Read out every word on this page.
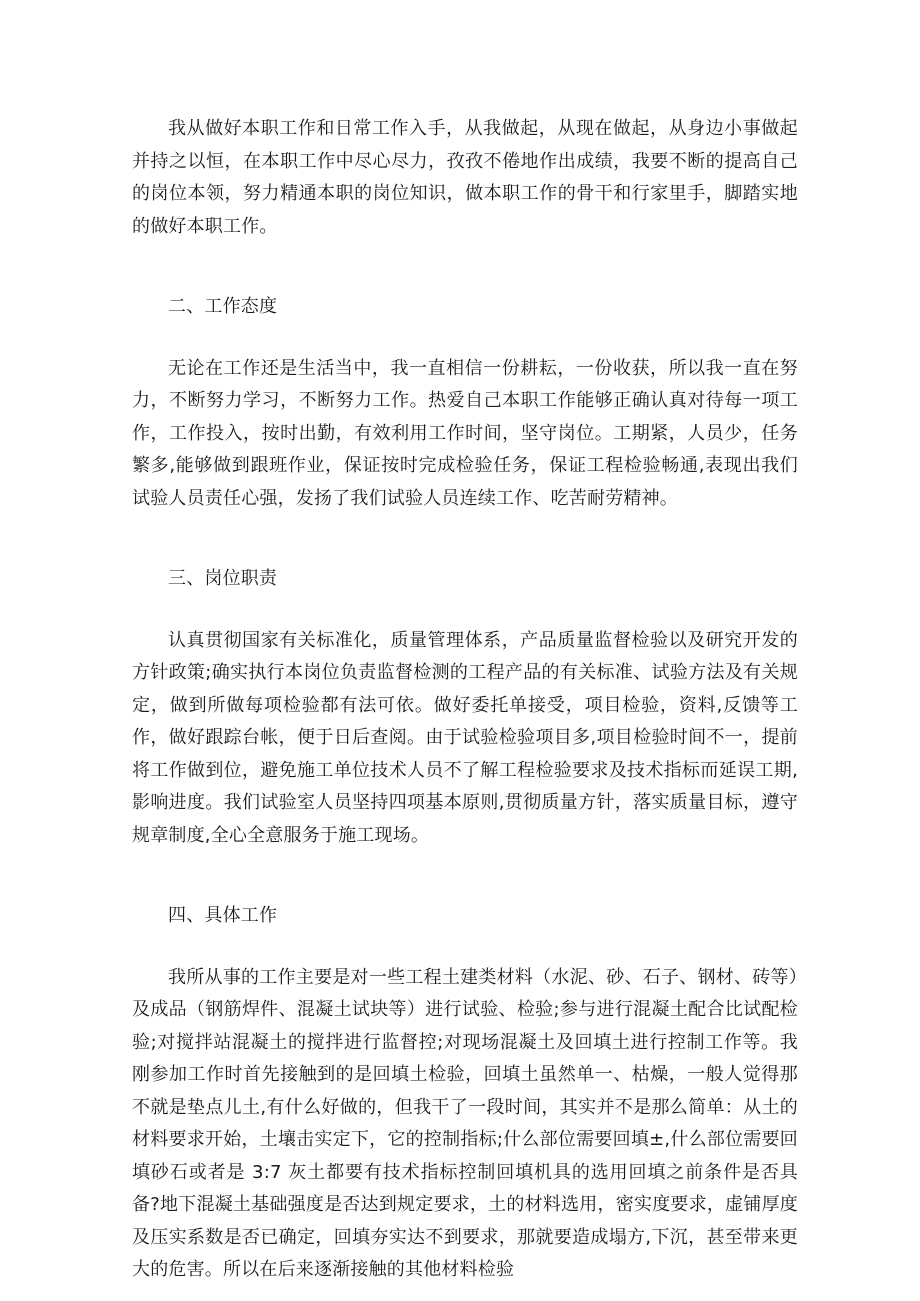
我从做好本职工作和日常工作入手，从我做起，从现在做起，从身边小事做起并持之以恒，在本职工作中尽心尽力，孜孜不倦地作出成绩，我要不断的提高自己的岗位本领，努力精通本职的岗位知识，做本职工作的骨干和行家里手，脚踏实地的做好本职工作。

二、工作态度

无论在工作还是生活当中，我一直相信一份耕耘，一份收获，所以我一直在努力，不断努力学习，不断努力工作。热爱自己本职工作能够正确认真对待每一项工作，工作投入，按时出勤，有效利用工作时间，坚守岗位。工期紧，人员少，任务繁多,能够做到跟班作业，保证按时完成检验任务，保证工程检验畅通,表现出我们试验人员责任心强，发扬了我们试验人员连续工作、吃苦耐劳精神。

三、岗位职责

认真贯彻国家有关标准化，质量管理体系，产品质量监督检验以及研究开发的方针政策;确实执行本岗位负责监督检测的工程产品的有关标准、试验方法及有关规定，做到所做每项检验都有法可依。做好委托单接受，项目检验，资料,反馈等工作，做好跟踪台帐，便于日后查阅。由于试验检验项目多,项目检验时间不一，提前将工作做到位，避免施工单位技术人员不了解工程检验要求及技术指标而延误工期,影响进度。我们试验室人员坚持四项基本原则,贯彻质量方针，落实质量目标，遵守规章制度,全心全意服务于施工现场。

四、具体工作

我所从事的工作主要是对一些工程土建类材料（水泥、砂、石子、钢材、砖等）及成品（钢筋焊件、混凝土试块等）进行试验、检验;参与进行混凝土配合比试配检验;对搅拌站混凝土的搅拌进行监督控;对现场混凝土及回填土进行控制工作等。我刚参加工作时首先接触到的是回填土检验，回填土虽然单一、枯燥，一般人觉得那不就是垫点儿土,有什么好做的，但我干了一段时间，其实并不是那么简单：从土的材料要求开始，土壤击实定下，它的控制指标;什么部位需要回填±,什么部位需要回填砂石或者是 3:7 灰土都要有技术指标控制回填机具的选用回填之前条件是否具备?地下混凝土基础强度是否达到规定要求，土的材料选用，密实度要求，虚铺厚度及压实系数是否已确定，回填夯实达不到要求，那就要造成塌方,下沉，甚至带来更大的危害。所以在后来逐渐接触的其他材料检验
